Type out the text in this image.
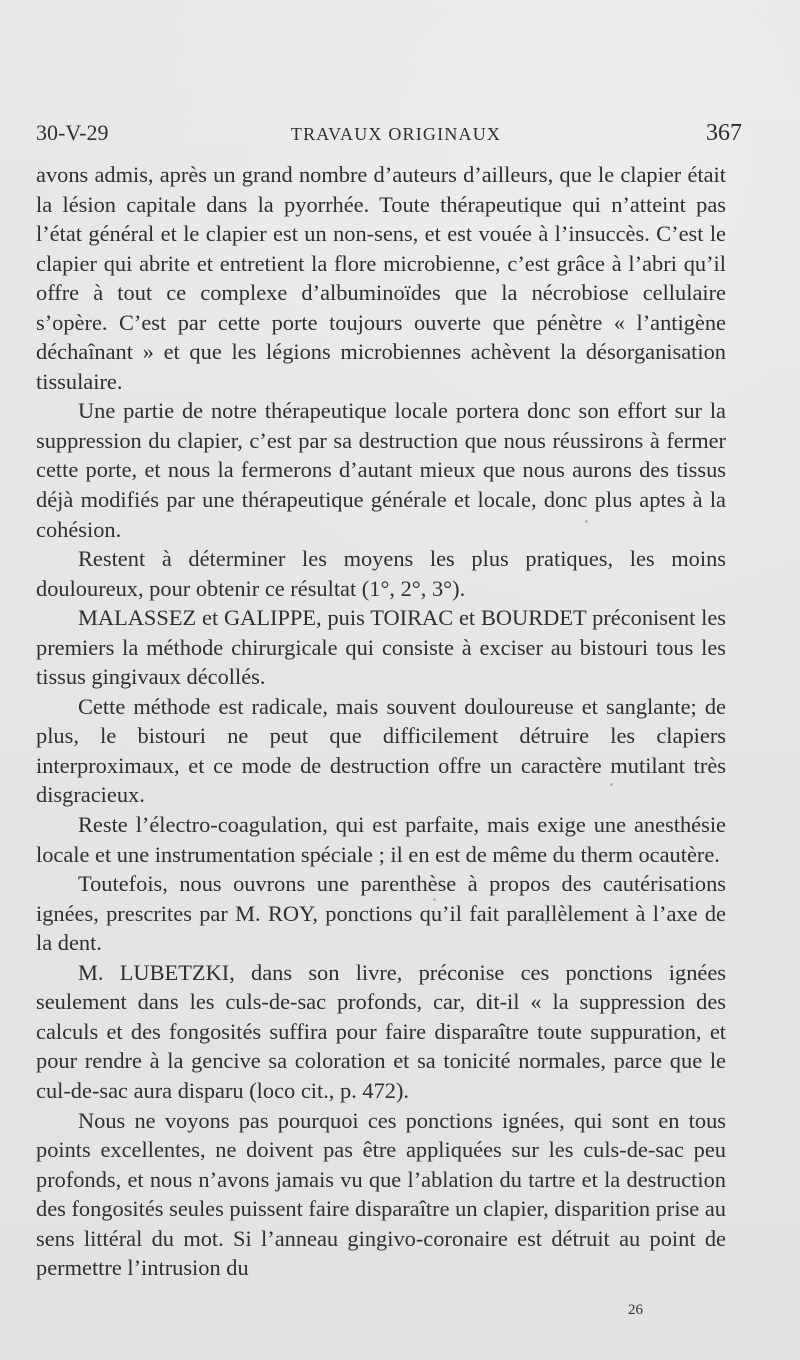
30-V-29	TRAVAUX ORIGINAUX	367

avons admis, après un grand nombre d’auteurs d’ailleurs, que le clapier était la lésion capitale dans la pyorrhée. Toute thérapeutique qui n’atteint pas l’état général et le clapier est un non-sens, et est vouée à l’insuccès. C’est le clapier qui abrite et entretient la flore microbienne, c’est grâce à l’abri qu’il offre à tout ce complexe d’albuminoïdes que la nécrobiose cellulaire s’opère. C’est par cette porte toujours ouverte que pénètre « l’antigène déchaînant » et que les légions microbiennes achèvent la désorganisation tissulaire.

Une partie de notre thérapeutique locale portera donc son effort sur la suppression du clapier, c’est par sa destruction que nous réussirons à fermer cette porte, et nous la fermerons d’autant mieux que nous aurons des tissus déjà modifiés par une thérapeutique générale et locale, donc plus aptes à la cohésion.

Restent à déterminer les moyens les plus pratiques, les moins douloureux, pour obtenir ce résultat (1°, 2°, 3°).

MALASSEZ et GALIPPE, puis TOIRAC et BOURDET préconisent les premiers la méthode chirurgicale qui consiste à exciser au bistouri tous les tissus gingivaux décollés.

Cette méthode est radicale, mais souvent douloureuse et sanglante; de plus, le bistouri ne peut que difficilement détruire les clapiers interproximaux, et ce mode de destruction offre un caractère mutilant très disgracieux.

Reste l’électro-coagulation, qui est parfaite, mais exige une anesthésie locale et une instrumentation spéciale ; il en est de même du therm ocautère.

Toutefois, nous ouvrons une parenthèse à propos des cautérisations ignées, prescrites par M. ROY, ponctions qu’il fait parallèlement à l’axe de la dent.

M. LUBETZKI, dans son livre, préconise ces ponctions ignées seulement dans les culs-de-sac profonds, car, dit-il « la suppression des calculs et des fongosités suffira pour faire disparaître toute suppuration, et pour rendre à la gencive sa coloration et sa tonicité normales, parce que le cul-de-sac aura disparu (loco cit., p. 472).

Nous ne voyons pas pourquoi ces ponctions ignées, qui sont en tous points excellentes, ne doivent pas être appliquées sur les culs-de-sac peu profonds, et nous n’avons jamais vu que l’ablation du tartre et la destruction des fongosités seules puissent faire disparaître un clapier, disparition prise au sens littéral du mot. Si l’anneau gingivo-coronaire est détruit au point de permettre l’intrusion du

26
